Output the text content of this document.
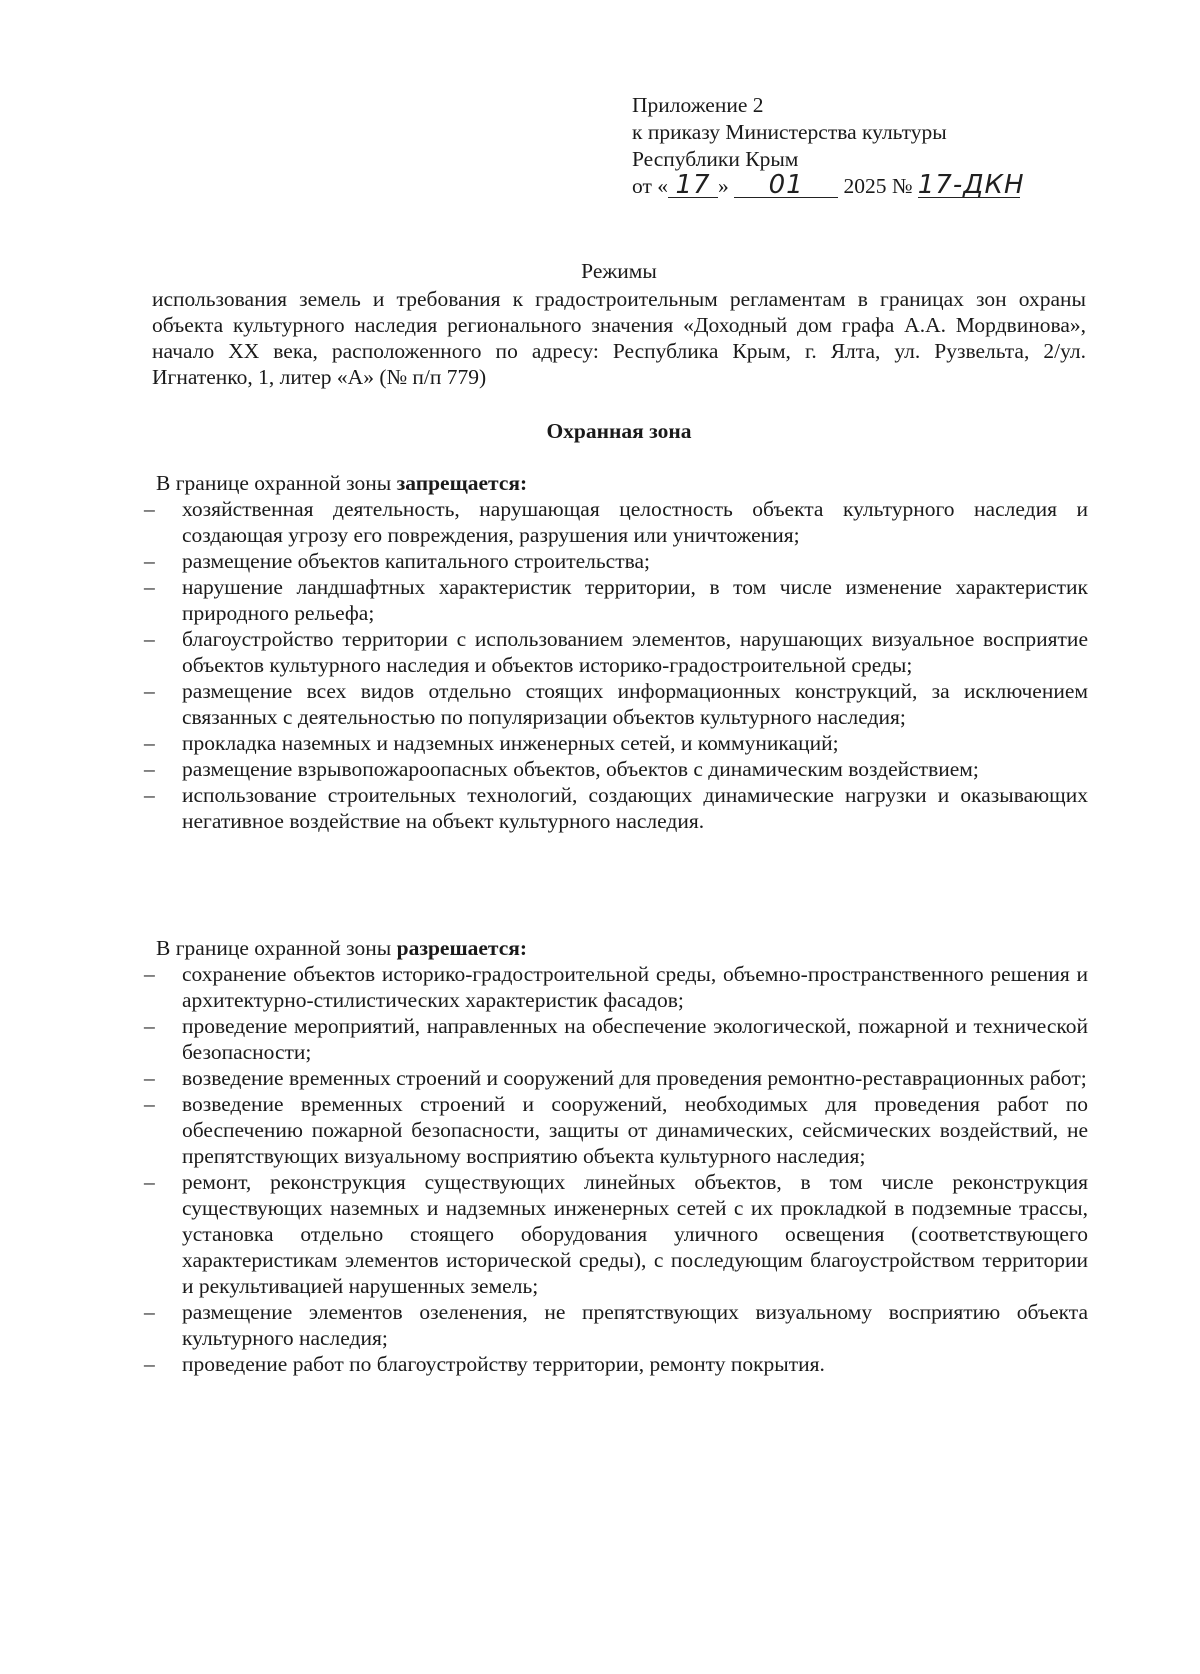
Приложение 2
к приказу Министерства культуры
Республики Крым
от « 17 » 01 2025 № 17-ДКН

Режимы

использования земель и требования к градостроительным регламентам в границах зон охраны объекта культурного наследия регионального значения «Доходный дом графа А.А. Мордвинова», начало XX века, расположенного по адресу: Республика Крым, г. Ялта, ул. Рузвельта, 2/ул. Игнатенко, 1, литер «А» (№ п/п 779)

Охранная зона

В границе охранной зоны запрещается:

– хозяйственная деятельность, нарушающая целостность объекта культурного наследия и создающая угрозу его повреждения, разрушения или уничтожения;
– размещение объектов капитального строительства;
– нарушение ландшафтных характеристик территории, в том числе изменение характеристик природного рельефа;
– благоустройство территории с использованием элементов, нарушающих визуальное восприятие объектов культурного наследия и объектов историко-градостроительной среды;
– размещение всех видов отдельно стоящих информационных конструкций, за исключением связанных с деятельностью по популяризации объектов культурного наследия;
– прокладка наземных и надземных инженерных сетей, и коммуникаций;
– размещение взрывопожароопасных объектов, объектов с динамическим воздействием;
– использование строительных технологий, создающих динамические нагрузки и оказывающих негативное воздействие на объект культурного наследия.

В границе охранной зоны разрешается:

– сохранение объектов историко-градостроительной среды, объемно-пространственного решения и архитектурно-стилистических характеристик фасадов;
– проведение мероприятий, направленных на обеспечение экологической, пожарной и технической безопасности;
– возведение временных строений и сооружений для проведения ремонтно-реставрационных работ;
– возведение временных строений и сооружений, необходимых для проведения работ по обеспечению пожарной безопасности, защиты от динамических, сейсмических воздействий, не препятствующих визуальному восприятию объекта культурного наследия;
– ремонт, реконструкция существующих линейных объектов, в том числе реконструкция существующих наземных и надземных инженерных сетей с их прокладкой в подземные трассы, установка отдельно стоящего оборудования уличного освещения (соответствующего характеристикам элементов исторической среды), с последующим благоустройством территории и рекультивацией нарушенных земель;
– размещение элементов озеленения, не препятствующих визуальному восприятию объекта культурного наследия;
– проведение работ по благоустройству территории, ремонту покрытия.
